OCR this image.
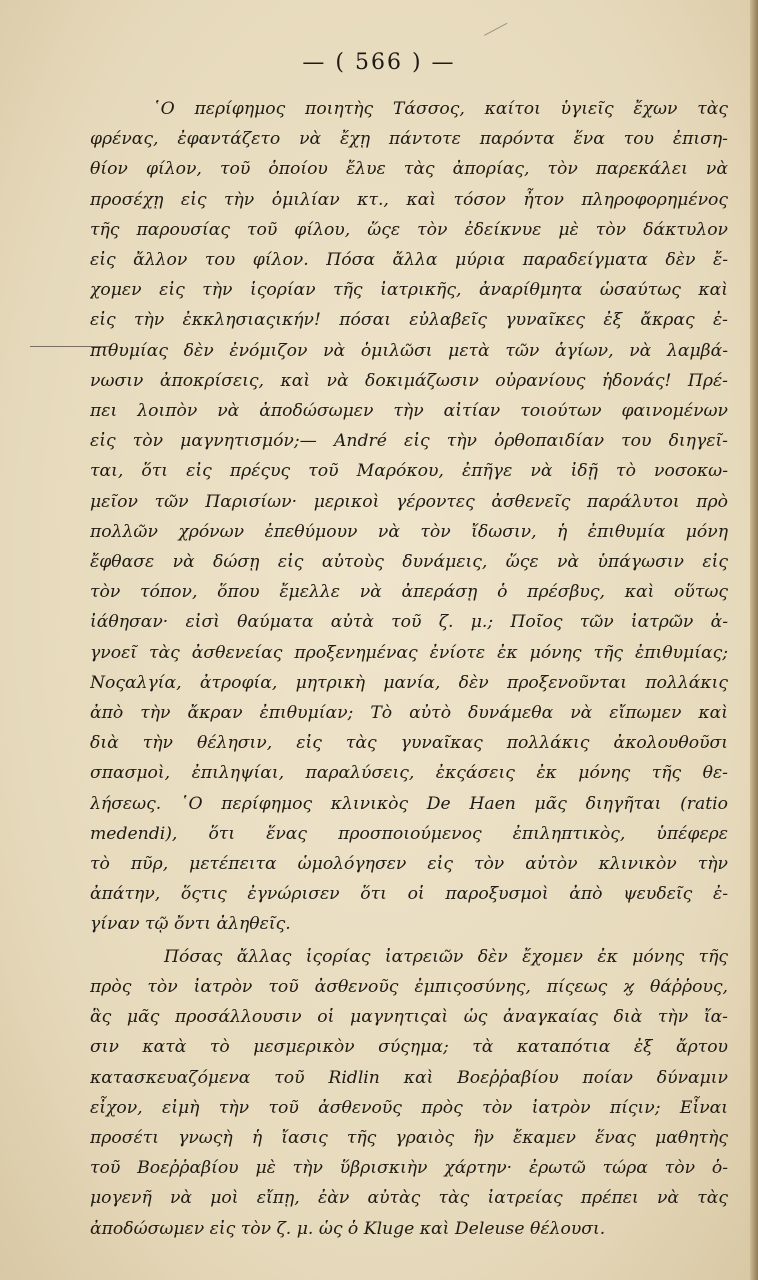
— ( 566 ) —

῾Ο περίφημος ποιητὴς Τάσσος, καίτοι ὑγιεῖς ἔχων τὰς
φρένας, ἐφαντάζετο νὰ ἔχῃ πάντοτε παρόντα ἕνα του ἐπιση-
θίον φίλον, τοῦ ὁποίου ἔλυε τὰς ἀπορίας, τὸν παρεκάλει νὰ
προσέχῃ εἰς τὴν ὁμιλίαν κτ., καὶ τόσον ἦτον πληροφορημένος
τῆς παρουσίας τοῦ φίλου, ὥςε τὸν ἐδείκνυε μὲ τὸν δάκτυλον
εἰς ἄλλον του φίλον. Πόσα ἄλλα μύρια παραδείγματα δὲν ἔ-
χομεν εἰς τὴν ἱςορίαν τῆς ἰατρικῆς, ἀναρίθμητα ὡσαύτως καὶ
εἰς τὴν ἐκκλησιαςικήν! πόσαι εὐλαβεῖς γυναῖκες ἐξ ἄκρας ἐ-
πιθυμίας δὲν ἐνόμιζον νὰ ὁμιλῶσι μετὰ τῶν ἁγίων, νὰ λαμβά-
νωσιν ἀποκρίσεις, καὶ νὰ δοκιμάζωσιν οὐρανίους ἡδονάς! Πρέ-
πει λοιπὸν νὰ ἀποδώσωμεν τὴν αἰτίαν τοιούτων φαινομένων
εἰς τὸν μαγνητισμόν;— André εἰς τὴν ὀρθοπαιδίαν του διηγεῖ-
ται, ὅτι εἰς πρέςυς τοῦ Μαρόκου, ἐπῆγε νὰ ἰδῇ τὸ νοσοκω-
μεῖον τῶν Παρισίων· μερικοὶ γέροντες ἀσθενεῖς παράλυτοι πρὸ
πολλῶν χρόνων ἐπεθύμουν νὰ τὸν ἴδωσιν, ἡ ἐπιθυμία μόνη
ἔφθασε νὰ δώσῃ εἰς αὐτοὺς δυνάμεις, ὥςε νὰ ὑπάγωσιν εἰς
τὸν τόπον, ὅπου ἔμελλε νὰ ἀπεράσῃ ὁ πρέσβυς, καὶ οὕτως
ἰάθησαν· εἰσὶ θαύματα αὐτὰ τοῦ ζ. μ.; Ποῖος τῶν ἰατρῶν ἀ-
γνοεῖ τὰς ἀσθενείας προξενημένας ἐνίοτε ἐκ μόνης τῆς ἐπιθυμίας;
Νοςαλγία, ἀτροφία, μητρικὴ μανία, δὲν προξενοῦνται πολλάκις
ἀπὸ τὴν ἄκραν ἐπιθυμίαν; Τὸ αὐτὸ δυνάμεθα νὰ εἴπωμεν καὶ
διὰ τὴν θέλησιν, εἰς τὰς γυναῖκας πολλάκις ἀκολουθοῦσι
σπασμοὶ, ἐπιληψίαι, παραλύσεις, ἐκςάσεις ἐκ μόνης τῆς θε-
λήσεως. ῾Ο περίφημος κλινικὸς De Haen μᾶς διηγῆται (ratio
medendi), ὅτι ἕνας προσποιούμενος ἐπιληπτικὸς, ὑπέφερε
τὸ πῦρ, μετέπειτα ὡμολόγησεν εἰς τὸν αὐτὸν κλινικὸν τὴν
ἀπάτην, ὅςτις ἐγνώρισεν ὅτι οἱ παροξυσμοὶ ἀπὸ ψευδεῖς ἐ-
γίναν τῷ ὄντι ἀληθεῖς.

Πόσας ἄλλας ἱςορίας ἰατρειῶν δὲν ἔχομεν ἐκ μόνης τῆς
πρὸς τὸν ἰατρὸν τοῦ ἀσθενοῦς ἐμπιςοσύνης, πίςεως ϗ θάῤῥους,
ἃς μᾶς προσάλλουσιν οἱ μαγνητιςαὶ ὡς ἀναγκαίας διὰ τὴν ἴα-
σιν κατὰ τὸ μεσμερικὸν σύςημα; τὰ καταπότια ἐξ ἄρτου
κατασκευαζόμενα τοῦ Ridlin καὶ Βοεῤῥαβίου ποίαν δύναμιν
εἶχον, εἰμὴ τὴν τοῦ ἀσθενοῦς πρὸς τὸν ἰατρὸν πίςιν; Εἶναι
προσέτι γνωςὴ ἡ ἴασις τῆς γραιὸς ἣν ἔκαμεν ἕνας μαθητὴς
τοῦ Βοεῤῥαβίου μὲ τὴν ὕβρισκιὴν χάρτην· ἐρωτῶ τώρα τὸν ὁ-
μογενῆ νὰ μοὶ εἴπῃ, ἐὰν αὐτὰς τὰς ἰατρείας πρέπει νὰ τὰς
ἀποδώσωμεν εἰς τὸν ζ. μ. ὡς ὁ Kluge καὶ Deleuse θέλουσι.
